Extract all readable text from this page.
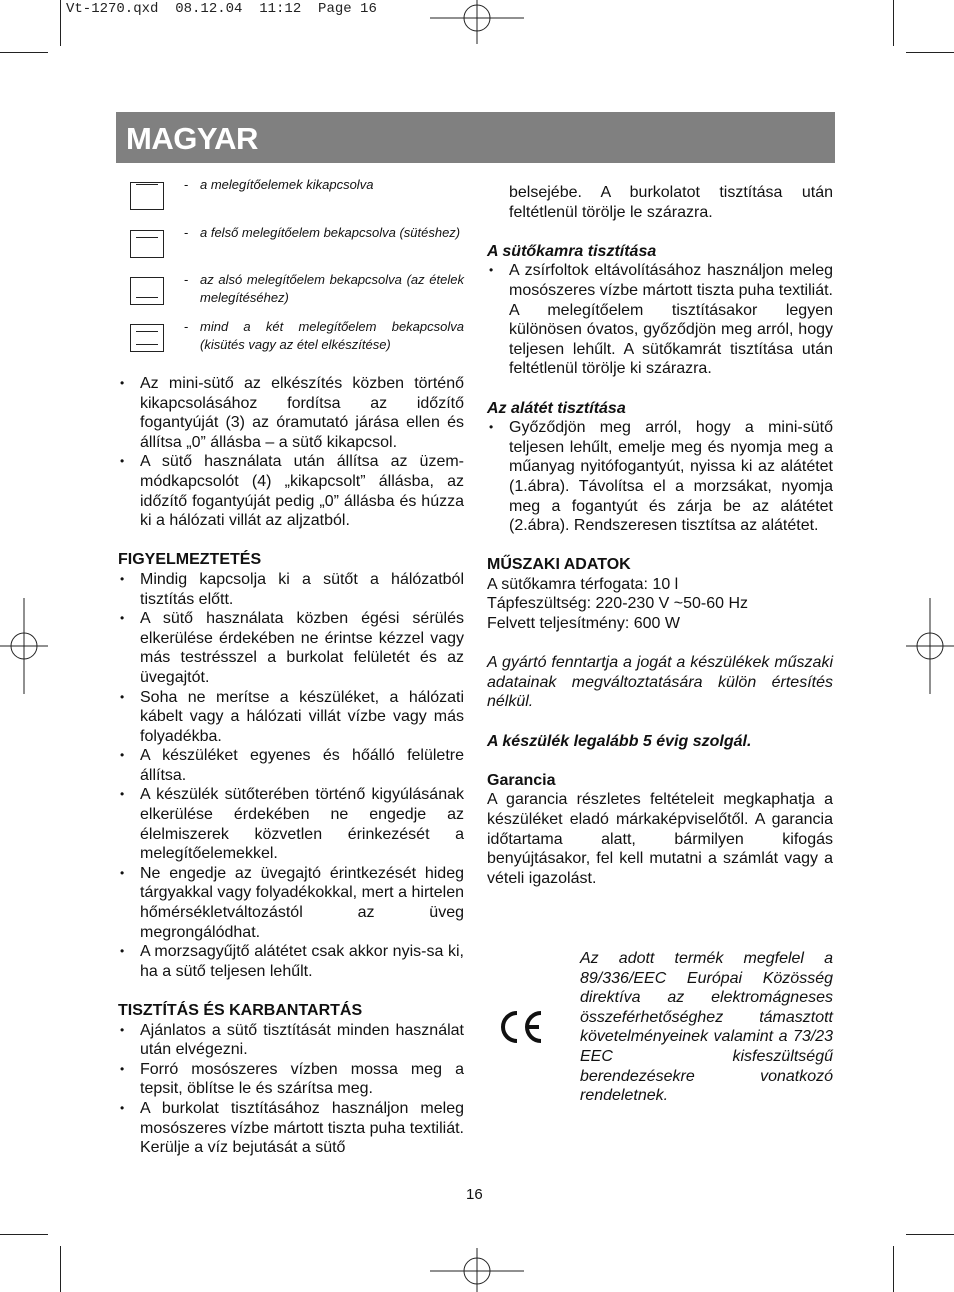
Vt-1270.qxd  08.12.04  11:12  Page 16
MAGYAR
- a melegítőelemek kikapcsolva
- a felső melegítőelem bekapcsolva (sütéshez)
- az alsó melegítőelem bekapcsolva (az ételek melegítéséhez)
- mind a két melegítőelem bekapcsolva (kisütés vagy az étel elkészítése)
• Az mini-sütő az elkészítés közben történő kikapcsolásához fordítsa az időzítő fogantyúját (3) az óramutató járása ellen és állítsa „0” állásba – a sütő kikapcsol.
• A sütő használata után állítsa az üzem-módkapcsolót (4) „kikapcsolt” állásba, az időzítő fogantyúját pedig „0” állásba és húzza ki a hálózati villát az aljzatból.
FIGYELMEZTETÉS
• Mindig kapcsolja ki a sütőt a hálózatból tisztítás előtt.
• A sütő használata közben égési sérülés elkerülése érdekében ne érintse kézzel vagy más testrésszel a burkolat felületét és az üvegajtót.
• Soha ne merítse a készüléket, a hálózati kábelt vagy a hálózati villát vízbe vagy más folyadékba.
• A készüléket egyenes és hőálló felületre állítsa.
• A készülék sütőterében történő kigyúlásának elkerülése érdekében ne engedje az élelmiszerek közvetlen érinkezését a melegítőelemekkel.
• Ne engedje az üvegajtó érintkezését hideg tárgyakkal vagy folyadékokkal, mert a hirtelen hőmérsékletváltozástól az üveg megrongálódhat.
• A morzsagyűjtő alátétet csak akkor nyis-sa ki, ha a sütő teljesen lehűlt.
TISZTÍTÁS ÉS KARBANTARTÁS
• Ajánlatos a sütő tisztítását minden használat után elvégezni.
• Forró mosószeres vízben mossa meg a tepsit, öblítse le és szárítsa meg.
• A burkolat tisztításához használjon meleg mosószeres vízbe mártott tiszta puha textiliát. Kerülje a víz bejutását a sütő

belsejébe. A burkolatot tisztítása után feltétlenül törölje le szárazra.

A sütőkamra tisztítása
• A zsírfoltok eltávolításához használjon meleg mosószeres vízbe mártott tiszta puha textiliát. A melegítőelem tisztításakor legyen különösen óvatos, győződjön meg arról, hogy teljesen lehűlt. A sütőkamrát tisztítása után feltétlenül törölje ki szárazra.
Az alátét tisztítása
• Győződjön meg arról, hogy a mini-sütő teljesen lehűlt, emelje meg és nyomja meg a műanyag nyitófogantyút, nyissa ki az alátétet (1.ábra). Távolítsa el a morzsákat, nyomja meg a fogantyút és zárja be az alátétet (2.ábra). Rendszeresen tisztítsa az alátétet.
MŰSZAKI ADATOK
A sütőkamra térfogata: 10 l
Tápfeszültség: 220-230 V ~50-60 Hz
Felvett teljesítmény: 600 W

A gyártó fenntartja a jogát a készülékek műszaki adatainak megváltoztatására külön értesítés nélkül.

A készülék legalább 5 évig szolgál.
Garancia

A garancia részletes feltételeit megkaphatja a készüléket eladó márkaképviselőtől. A garancia időtartama alatt, bármilyen kifogás benyújtásakor, fel kell mutatni a számlát vagy a vételi igazolást.

Az adott termék megfelel a 89/336/EEC Európai Közösség direktíva az elektromágneses összeférhetőséghez támasztott követelményeinek valamint a 73/23 EEC kisfeszültségű berendezésekre vonatkozó rendeletnek.
16
